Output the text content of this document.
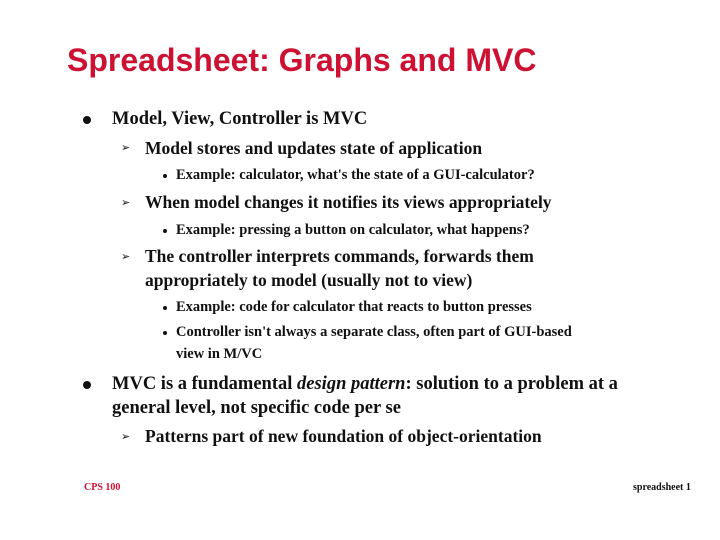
Spreadsheet: Graphs and MVC
Model, View, Controller is MVC
➢ Model stores and updates state of application
Example: calculator, what's the state of a GUI-calculator?
➢ When model changes it notifies its views appropriately
Example: pressing a button on calculator, what happens?
➢ The controller interprets commands, forwards them
appropriately to model (usually not to view)
Example: code for calculator that reacts to button presses
Controller isn't always a separate class, often part of GUI-based
view in M/VC
MVC is a fundamental design pattern: solution to a problem at a
general level, not specific code per se
➢ Patterns part of new foundation of object-orientation
CPS 100	spreadsheet 1
